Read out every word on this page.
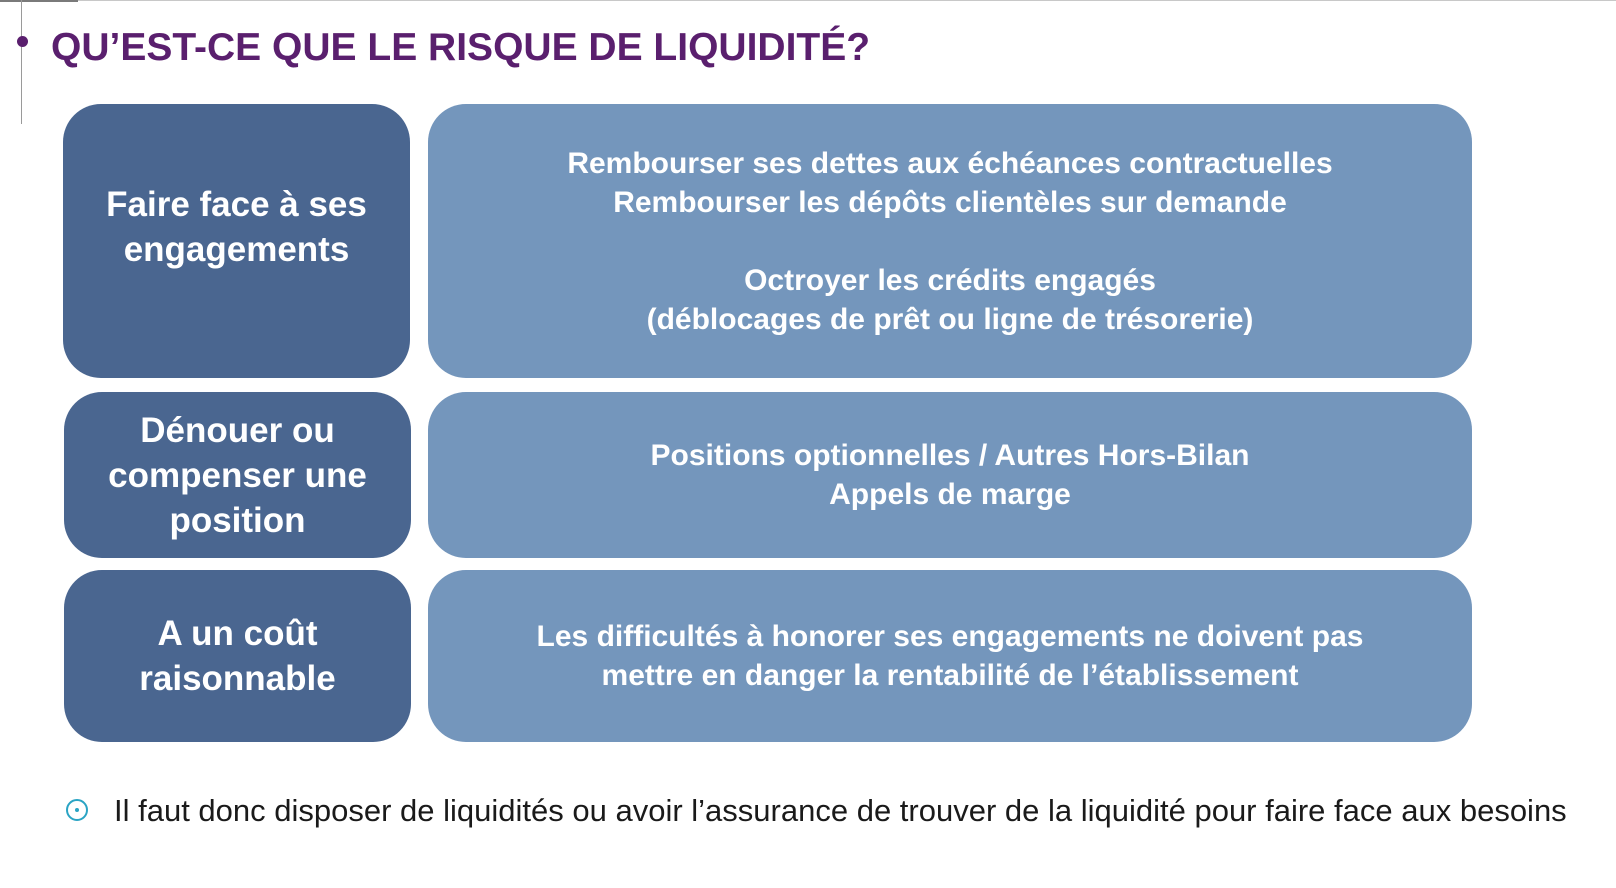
QU’EST-CE QUE LE RISQUE DE LIQUIDITÉ?
Faire face à ses
engagements
Rembourser ses dettes aux échéances contractuelles
Rembourser les dépôts clientèles sur demande
Octroyer les crédits engagés
(déblocages de prêt ou ligne de trésorerie)
Dénouer ou
compenser une
position
Positions optionnelles / Autres Hors-Bilan
Appels de marge
A un coût
raisonnable
Les difficultés à honorer ses engagements ne doivent pas
mettre en danger la rentabilité de l’établissement

Il faut donc disposer de liquidités ou avoir l’assurance de trouver de la liquidité pour faire face aux besoins
